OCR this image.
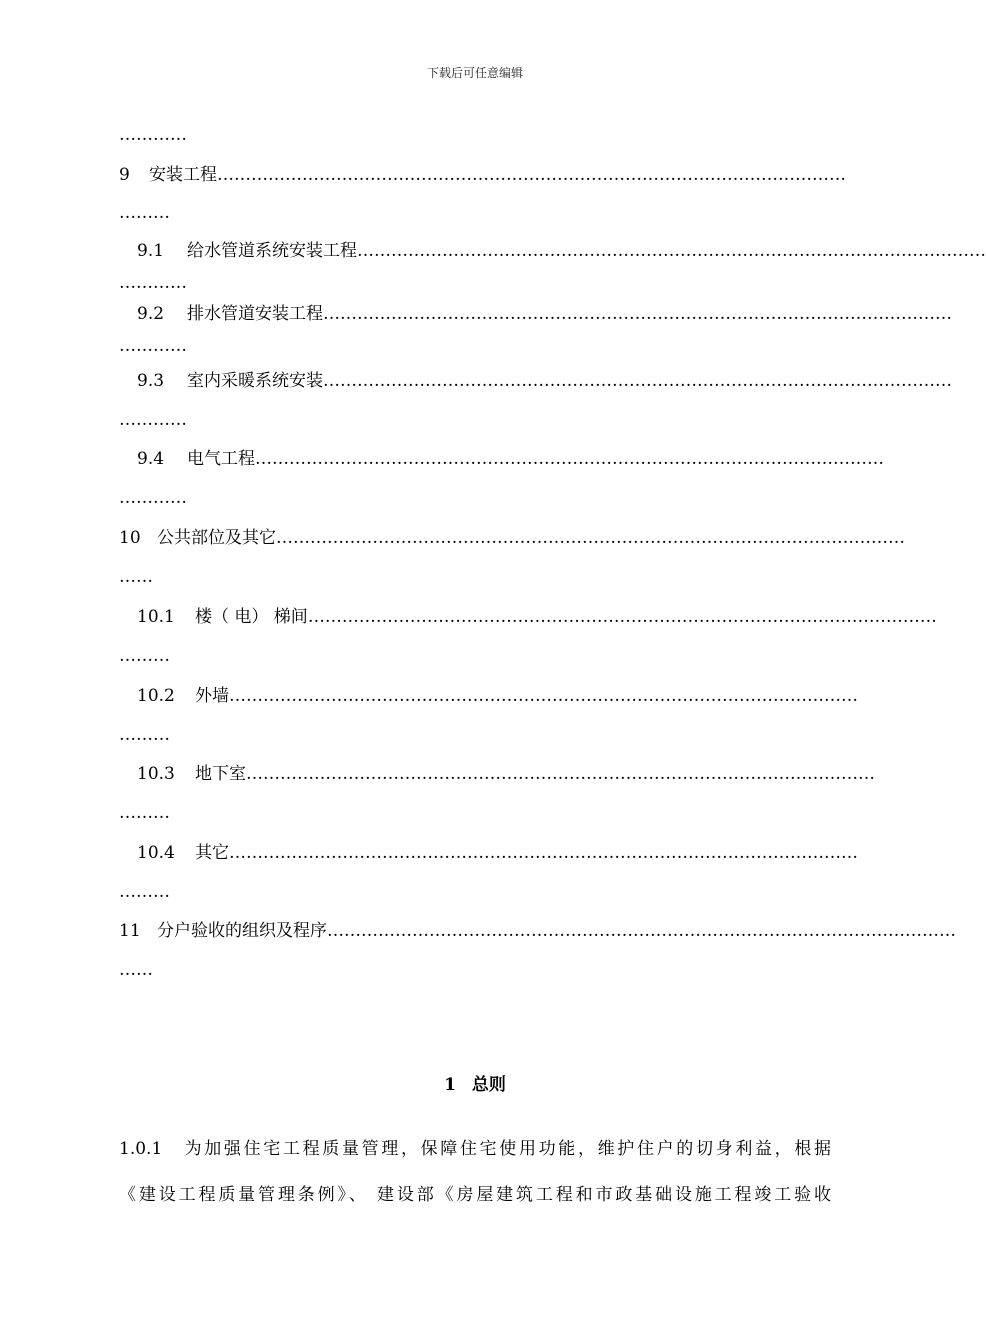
下载后可任意编辑
…………
9 安装工程…………………………………………………………………………………………………
………
9.1 给水管道系统安装工程…………………………………………………………………………………………………
…………
9.2 排水管道安装工程…………………………………………………………………………………………………
…………
9.3 室内采暖系统安装…………………………………………………………………………………………………
…………
9.4 电气工程…………………………………………………………………………………………………
…………
10 公共部位及其它…………………………………………………………………………………………………
……
10.1 楼（ 电） 梯间…………………………………………………………………………………………………
………
10.2 外墙…………………………………………………………………………………………………
………
10.3 地下室…………………………………………………………………………………………………
………
10.4 其它…………………………………………………………………………………………………
………
11 分户验收的组织及程序…………………………………………………………………………………………………
……
1 总则
1.0.1　为加强住宅工程质量管理，保障住宅使用功能，维护住户的切身利益，根据
《建设工程质量管理条例》、 建设部《房屋建筑工程和市政基础设施工程竣工验收
